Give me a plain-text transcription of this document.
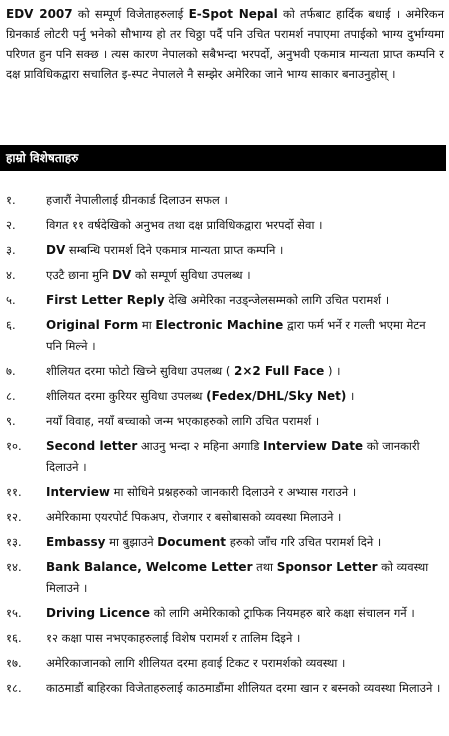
EDV 2007 को सम्पूर्ण विजेताहरुलाई E-Spot Nepal को तर्फबाट हार्दिक बधाई । अमेरिकन ग्रिनकार्ड लोटरी पर्नु भनेको सौभाग्य हो तर चिठ्ठा पर्दै पनि उचित परामर्श नपाएमा तपाईको भाग्य दुर्भाग्यमा परिणत हुन पनि सक्छ । त्यस कारण नेपालको सबैभन्दा भरपर्दो, अनुभवी एकमात्र मान्यता प्राप्त कम्पनि र दक्ष प्राविधिकद्वारा सचालित इ-स्पट नेपालले नै सम्झेर अमेरिका जाने भाग्य साकार बनाउनुहोस् ।
हाम्रो विशेषताहरु
१.	हजारौं नेपालीलाई ग्रीनकार्ड दिलाउन सफल ।
२.	विगत ११ वर्षदेखिको अनुभव तथा दक्ष प्राविधिकद्वारा भरपर्दो सेवा ।
३.	DV सम्बन्धि परामर्श दिने एकमात्र मान्यता प्राप्त कम्पनि ।
४.	एउटै छाना मुनि DV को सम्पूर्ण सुविधा उपलब्ध ।
५.	First Letter Reply देखि अमेरिका नउड्न्जेलसम्मको लागि उचित परामर्श ।
६.	Original Form मा Electronic Machine द्वारा फर्म भर्ने र गल्ती भएमा मेटन पनि मिल्ने ।
७.	शीलियत दरमा फोटो खिच्ने सुविधा उपलब्ध ( 2×2 Full Face ) ।
८.	शीलियत दरमा कुरियर सुविधा उपलब्ध (Fedex/DHL/Sky Net) ।
९.	नयाँ विवाह, नयाँ बच्चाको जन्म भएकाहरुको लागि उचित परामर्श ।
१०.	Second letter आउनु भन्दा २ महिना अगाडि Interview Date को जानकारी दिलाउने ।
११.	Interview मा सोधिने प्रश्नहरुको जानकारी दिलाउने र अभ्यास गराउने ।
१२.	अमेरिकामा एयरपोर्ट पिकअप, रोजगार र बसोबासको व्यवस्था मिलाउने ।
१३.	Embassy मा बुझाउने Document हरुको जाँच गरि उचित परामर्श दिने ।
१४.	Bank Balance, Welcome Letter तथा Sponsor Letter को व्यवस्था मिलाउने ।
१५.	Driving Licence को लागि अमेरिकाको ट्राफिक नियमहरु बारे कक्षा संचालन गर्ने ।
१६.	१२ कक्षा पास नभएकाहरुलाई विशेष परामर्श र तालिम दिइने ।
१७.	अमेरिकाजानको लागि शीलियत दरमा हवाई टिकट र परामर्शको व्यवस्था ।
१८.	काठमाडौं बाहिरका विजेताहरुलाई काठमाडौंमा शीलियत दरमा खान र बस्नको व्यवस्था मिलाउने ।
